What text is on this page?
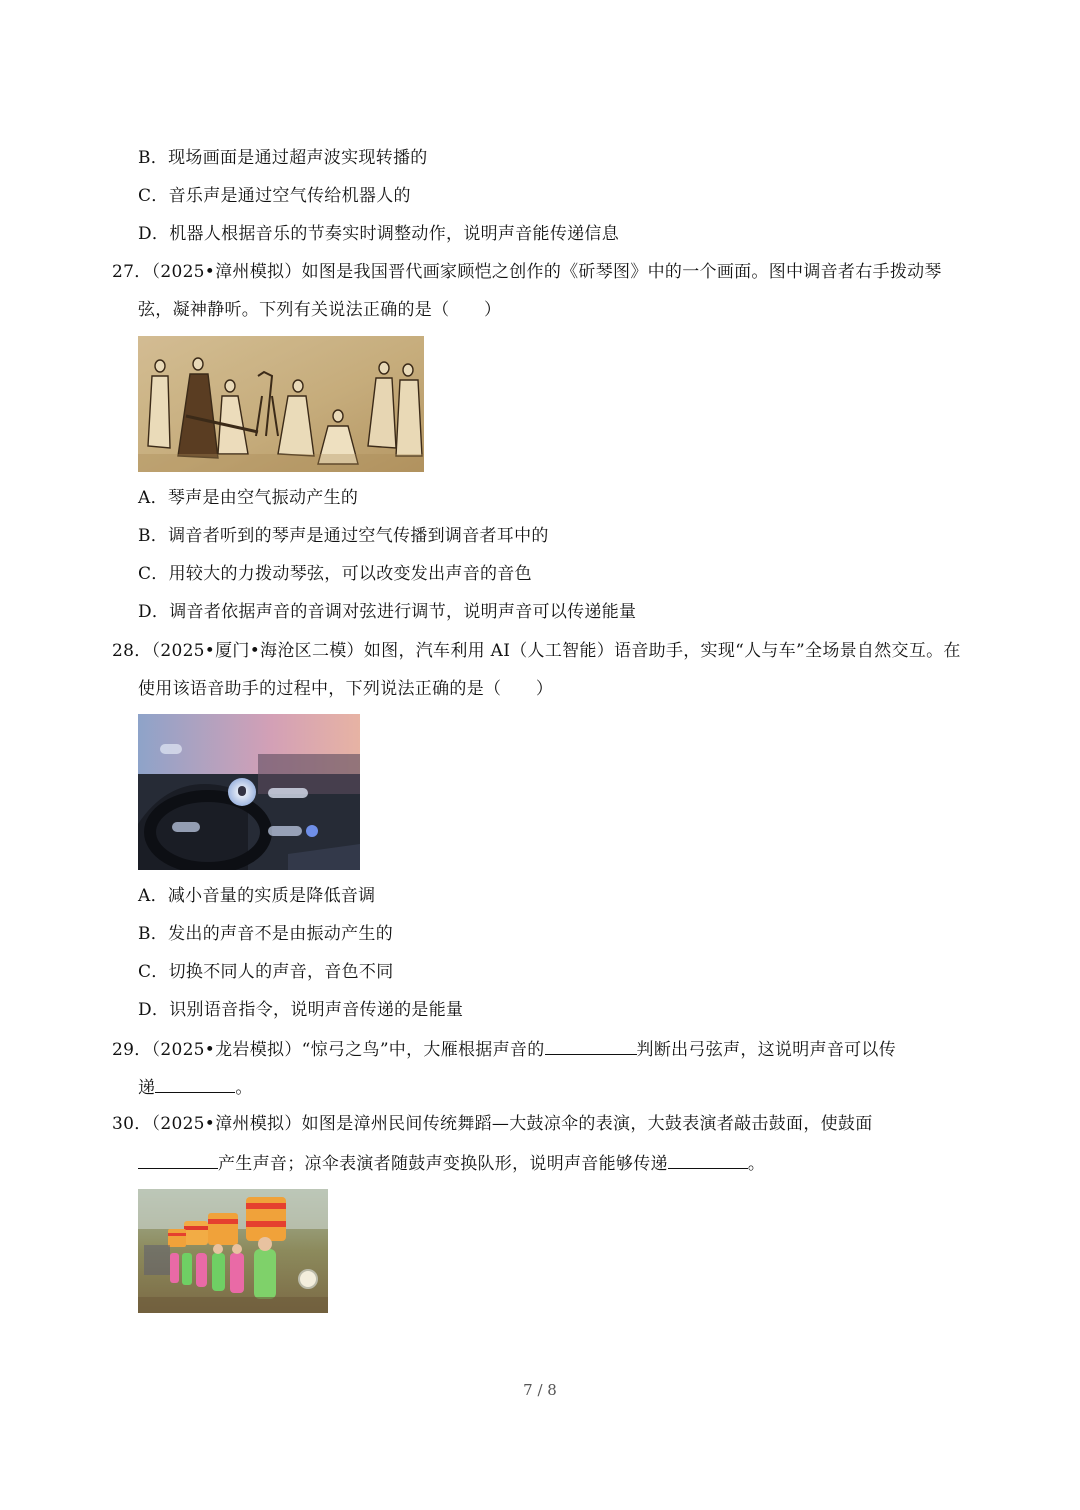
B．现场画面是通过超声波实现转播的
C．音乐声是通过空气传给机器人的
D．机器人根据音乐的节奏实时调整动作，说明声音能传递信息
27．（2025•漳州模拟）如图是我国晋代画家顾恺之创作的《斫琴图》中的一个画面。图中调音者右手拨动琴
弦，凝神静听。下列有关说法正确的是（　　）
A．琴声是由空气振动产生的
B．调音者听到的琴声是通过空气传播到调音者耳中的
C．用较大的力拨动琴弦，可以改变发出声音的音色
D．调音者依据声音的音调对弦进行调节，说明声音可以传递能量
28．（2025•厦门•海沧区二模）如图，汽车利用 AI（人工智能）语音助手，实现“人与车”全场景自然交互。在
使用该语音助手的过程中，下列说法正确的是（　　）
A．减小音量的实质是降低音调
B．发出的声音不是由振动产生的
C．切换不同人的声音，音色不同
D．识别语音指令，说明声音传递的是能量
29．（2025•龙岩模拟）“惊弓之鸟”中，大雁根据声音的	判断出弓弦声，这说明声音可以传
递	。
30．（2025•漳州模拟）如图是漳州民间传统舞蹈—大鼓凉伞的表演，大鼓表演者敲击鼓面，使鼓面
产生声音；凉伞表演者随鼓声变换队形，说明声音能够传递	。
7 / 8
